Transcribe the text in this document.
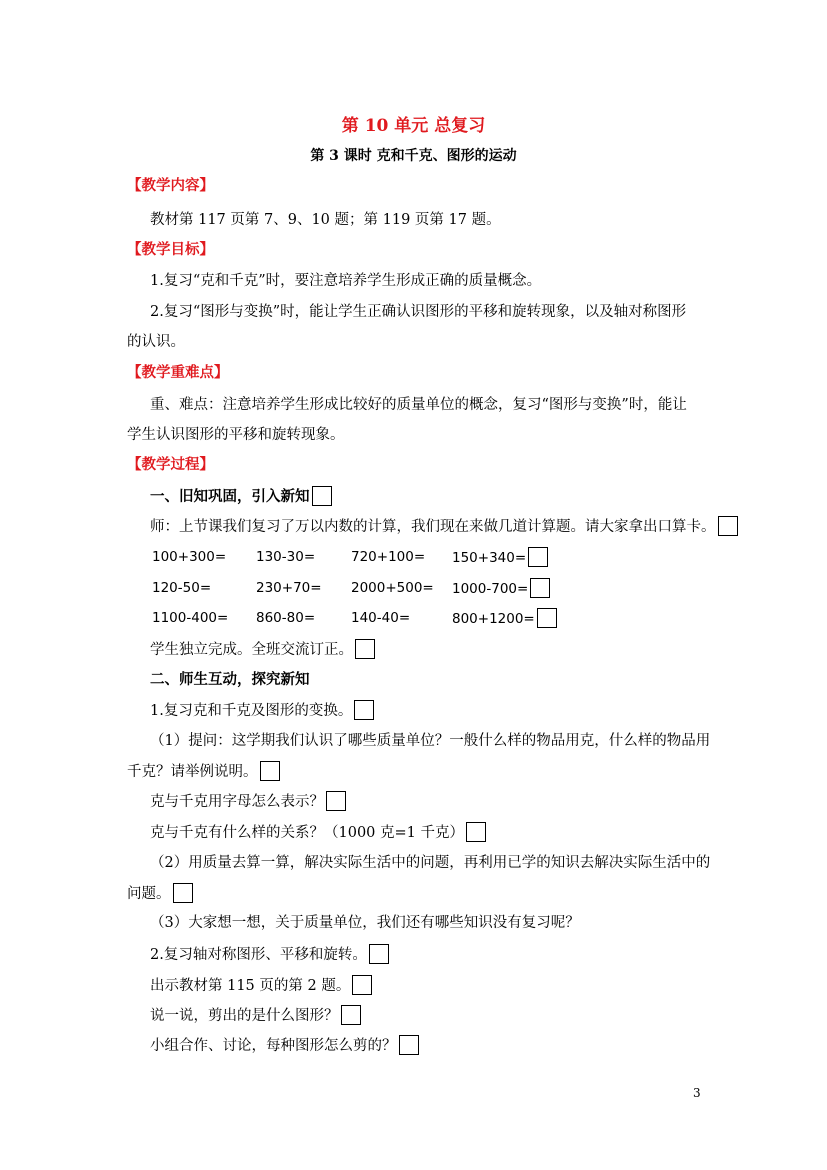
第 10 单元 总复习
第 3 课时 克和千克、图形的运动
【教学内容】
教材第 117 页第 7、9、10 题；第 119 页第 17 题。
【教学目标】
1.复习“克和千克”时，要注意培养学生形成正确的质量概念。
2.复习“图形与变换”时，能让学生正确认识图形的平移和旋转现象，以及轴对称图形
的认识。
【教学重难点】
重、难点：注意培养学生形成比较好的质量单位的概念，复习“图形与变换”时，能让
学生认识图形的平移和旋转现象。
【教学过程】
一、旧知巩固，引入新知
师：上节课我们复习了万以内数的计算，我们现在来做几道计算题。请大家拿出口算卡。
100+300= 130-30=	720+100= 150+340=
120-50=	230+70= 2000+500= 1000-700=
1100-400= 860-80=	140-40=	800+1200=
学生独立完成。全班交流订正。
二、师生互动，探究新知
1.复习克和千克及图形的变换。
（1）提问：这学期我们认识了哪些质量单位？一般什么样的物品用克，什么样的物品用
千克？请举例说明。
克与千克用字母怎么表示？
克与千克有什么样的关系？（1000 克=1 千克）
（2）用质量去算一算，解决实际生活中的问题，再利用已学的知识去解决实际生活中的
问题。
（3）大家想一想，关于质量单位，我们还有哪些知识没有复习呢？
2.复习轴对称图形、平移和旋转。
出示教材第 115 页的第 2 题。
说一说，剪出的是什么图形？
小组合作、讨论，每种图形怎么剪的？
3
